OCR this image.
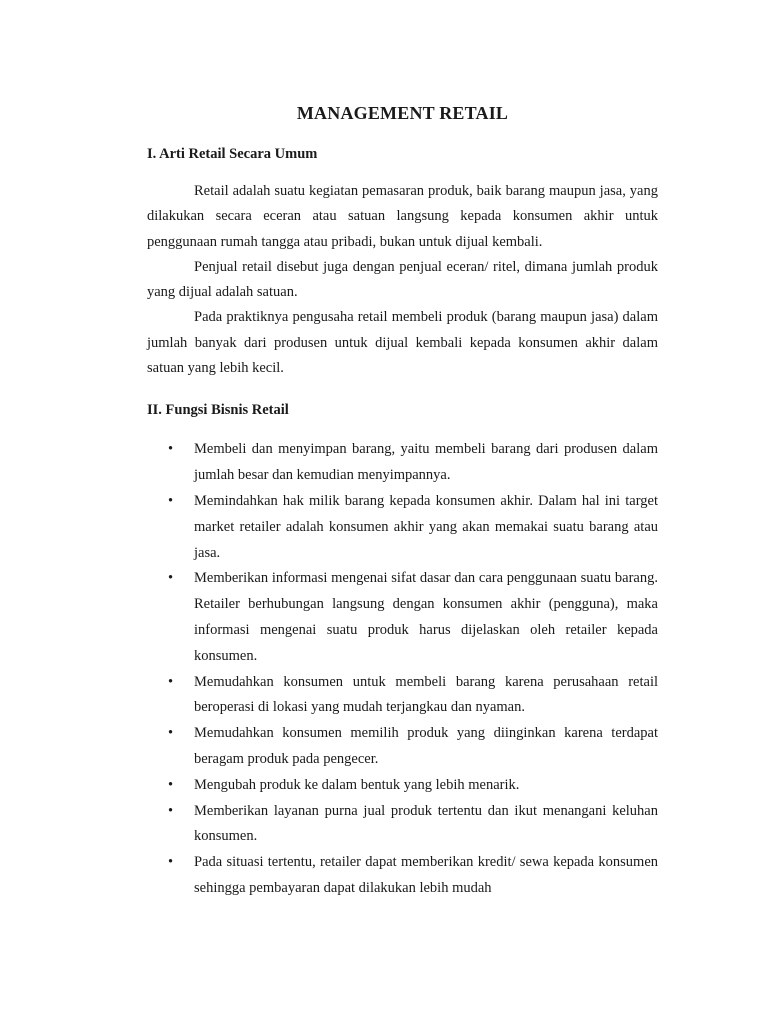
MANAGEMENT RETAIL
I. Arti Retail Secara Umum

Retail adalah suatu kegiatan pemasaran produk, baik barang maupun jasa, yang dilakukan secara eceran atau satuan langsung kepada konsumen akhir untuk penggunaan rumah tangga atau pribadi, bukan untuk dijual kembali.

Penjual retail disebut juga dengan penjual eceran/ ritel, dimana jumlah produk yang dijual adalah satuan.

Pada praktiknya pengusaha retail membeli produk (barang maupun jasa) dalam jumlah banyak dari produsen untuk dijual kembali kepada konsumen akhir dalam satuan yang lebih kecil.

II. Fungsi Bisnis Retail
• Membeli dan menyimpan barang, yaitu membeli barang dari produsen dalam jumlah besar dan kemudian menyimpannya.
• Memindahkan hak milik barang kepada konsumen akhir. Dalam hal ini target market retailer adalah konsumen akhir yang akan memakai suatu barang atau jasa.
• Memberikan informasi mengenai sifat dasar dan cara penggunaan suatu barang. Retailer berhubungan langsung dengan konsumen akhir (pengguna), maka informasi mengenai suatu produk harus dijelaskan oleh retailer kepada konsumen.
• Memudahkan konsumen untuk membeli barang karena perusahaan retail beroperasi di lokasi yang mudah terjangkau dan nyaman.
• Memudahkan konsumen memilih produk yang diinginkan karena terdapat beragam produk pada pengecer.
• Mengubah produk ke dalam bentuk yang lebih menarik.
• Memberikan layanan purna jual produk tertentu dan ikut menangani keluhan konsumen.
• Pada situasi tertentu, retailer dapat memberikan kredit/ sewa kepada konsumen sehingga pembayaran dapat dilakukan lebih mudah
